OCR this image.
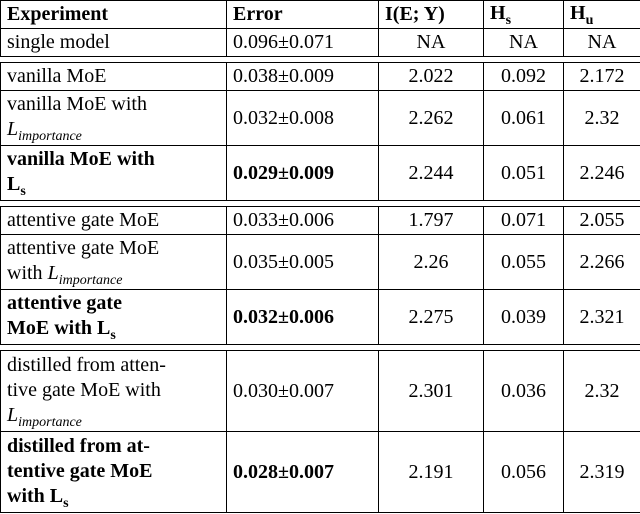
Experiment	Error	I(E; Y)	$H_s$	$H_u$
single model	0.096±0.071	NA	NA	NA

vanilla MoE	0.038±0.009	2.022	0.092	2.172
vanilla MoE with
$L_{importance}$	0.032±0.008	2.262	0.061	2.32
vanilla MoE with
$L_s$	0.029±0.009	2.244	0.051	2.246

attentive gate MoE	0.033±0.006	1.797	0.071	2.055
attentive gate MoE
with $L_{importance}$	0.035±0.005	2.26	0.055	2.266
attentive gate
MoE with $L_s$	0.032±0.006	2.275	0.039	2.321

distilled from atten-
tive gate MoE with
$L_{importance}$	0.030±0.007	2.301	0.036	2.32
distilled from at-
tentive gate MoE
with $L_s$	0.028±0.007	2.191	0.056	2.319
